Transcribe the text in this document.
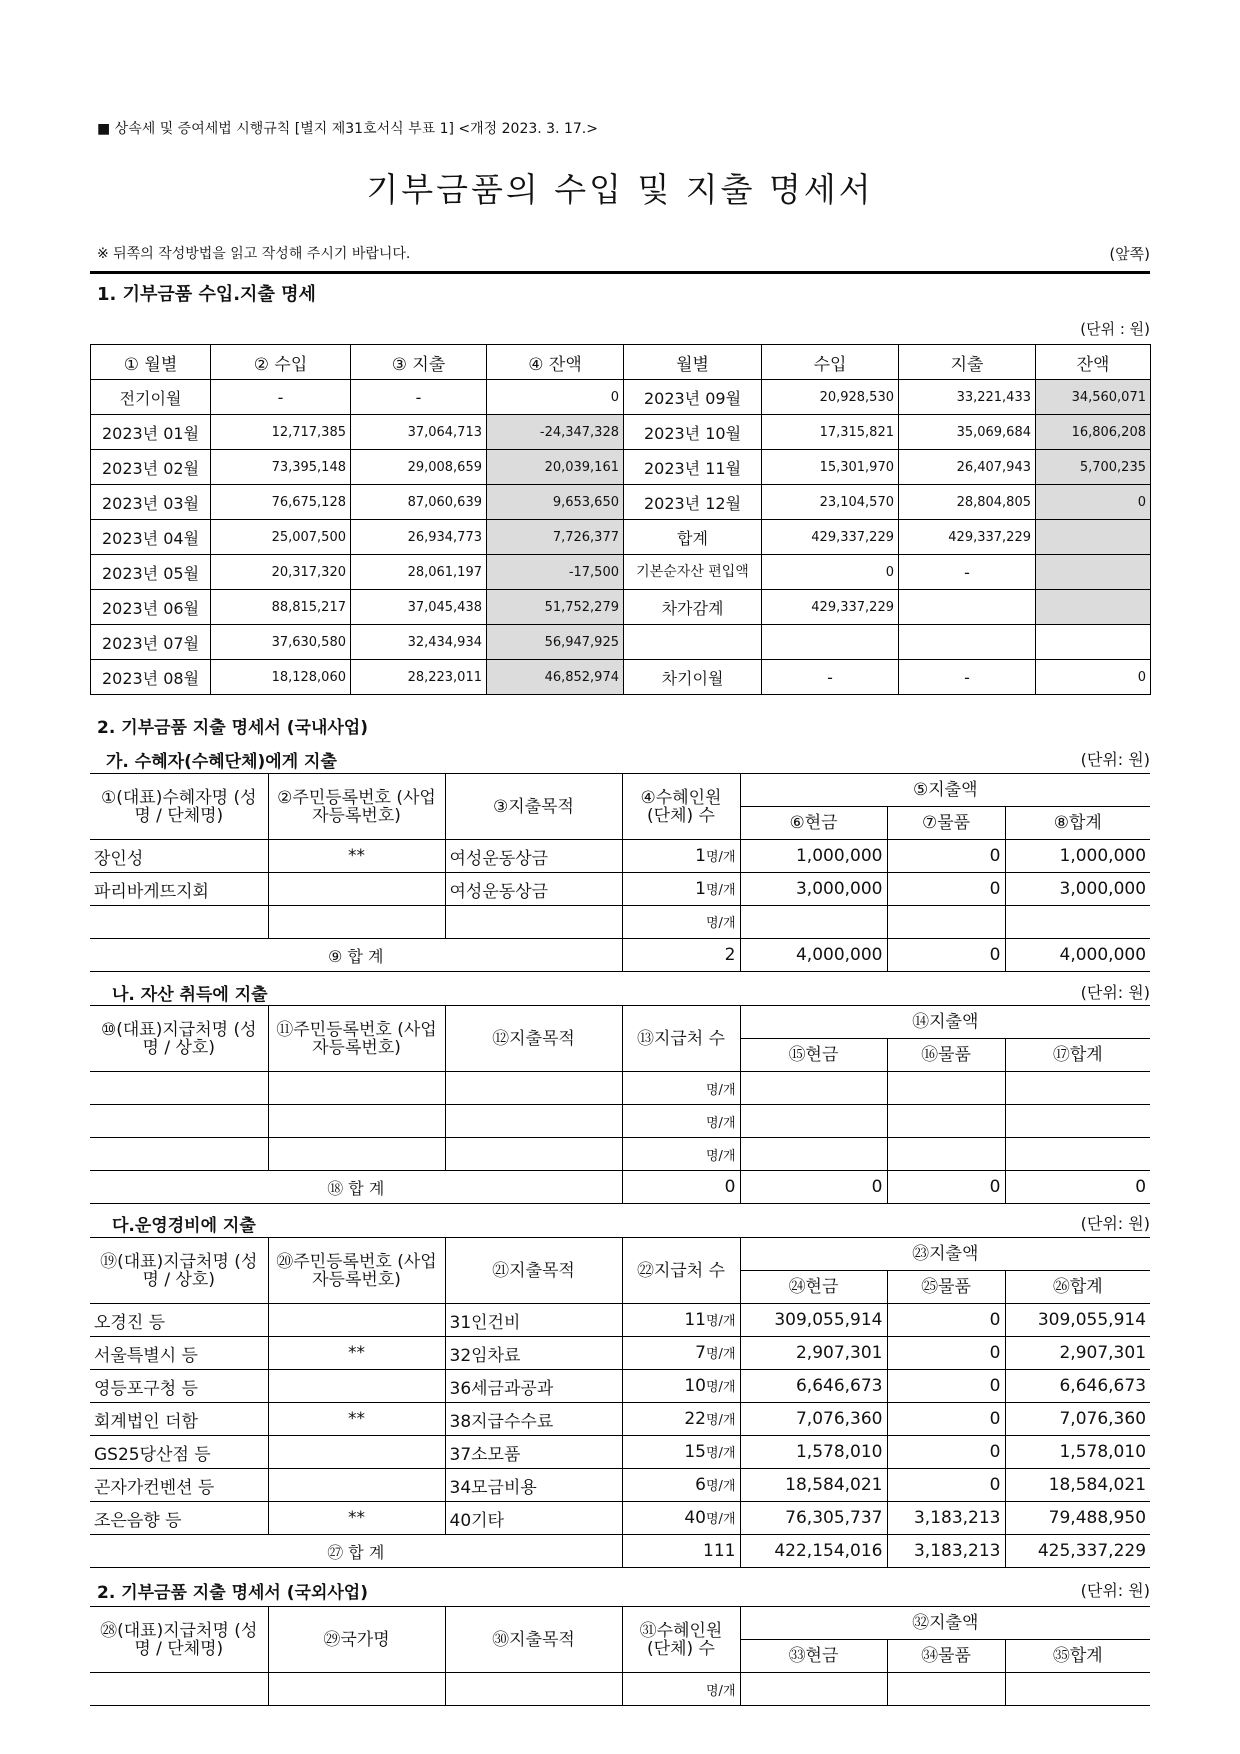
■ 상속세 및 증여세법 시행규칙 [별지 제31호서식 부표 1] <개정 2023. 3. 17.>
기부금품의 수입 및 지출 명세서
※ 뒤쪽의 작성방법을 읽고 작성해 주시기 바랍니다.	(앞쪽)
1. 기부금품 수입.지출 명세
(단위 : 원)
① 월별	② 수입	③ 지출	④ 잔액	월별	수입	지출	잔액
전기이월	-	-	0	2023년 09월	20,928,530	33,221,433	34,560,071
2023년 01월	12,717,385	37,064,713	-24,347,328	2023년 10월	17,315,821	35,069,684	16,806,208
2023년 02월	73,395,148	29,008,659	20,039,161	2023년 11월	15,301,970	26,407,943	5,700,235
2023년 03월	76,675,128	87,060,639	9,653,650	2023년 12월	23,104,570	28,804,805	0
2023년 04월	25,007,500	26,934,773	7,726,377	합계	429,337,229	429,337,229	
2023년 05월	20,317,320	28,061,197	-17,500	기본순자산 편입액	0	-	
2023년 06월	88,815,217	37,045,438	51,752,279	차가감계	429,337,229		
2023년 07월	37,630,580	32,434,934	56,947,925				
2023년 08월	18,128,060	28,223,011	46,852,974	차기이월	-	-	0
2. 기부금품 지출 명세서 (국내사업)
가. 수혜자(수혜단체)에게 지출	(단위: 원)
①(대표)수혜자명 (성명 / 단체명)	②주민등록번호 (사업자등록번호)	③지출목적	④수혜인원 (단체) 수	⑤지출액		
				⑥현금	⑦물품	⑧합계
장인성	**	여성운동상금	1명/개	1,000,000	0	1,000,000
파리바게뜨지회		여성운동상금	1명/개	3,000,000	0	3,000,000
			명/개			
⑨ 합 계			2	4,000,000	0	4,000,000
나. 자산 취득에 지출	(단위: 원)
⑩(대표)지급처명 (성명 / 상호)	⑪주민등록번호 (사업자등록번호)	⑫지출목적	⑬지급처 수	⑭지출액		
				⑮현금	⑯물품	⑰합계
			명/개			
			명/개			
			명/개			
⑱ 합 계			0	0	0	0
다.운영경비에 지출	(단위: 원)
⑲(대표)지급처명 (성명 / 상호)	⑳주민등록번호 (사업자등록번호)	㉑지출목적	㉒지급처 수	㉓지출액		
				㉔현금	㉕물품	㉖합계
오경진 등		31인건비	11명/개	309,055,914	0	309,055,914
서울특별시 등	**	32임차료	7명/개	2,907,301	0	2,907,301
영등포구청 등		36세금과공과	10명/개	6,646,673	0	6,646,673
회계법인 더함	**	38지급수수료	22명/개	7,076,360	0	7,076,360
GS25당산점 등		37소모품	15명/개	1,578,010	0	1,578,010
곤자가컨벤션 등		34모금비용	6명/개	18,584,021	0	18,584,021
조은음향 등	**	40기타	40명/개	76,305,737	3,183,213	79,488,950
㉗ 합 계			111	422,154,016	3,183,213	425,337,229
2. 기부금품 지출 명세서 (국외사업)	(단위: 원)
㉘(대표)지급처명 (성명 / 단체명)	㉙국가명	㉚지출목적	㉛수혜인원 (단체) 수	㉜지출액		
				㉝현금	㉞물품	㉟합계
			명/개			
